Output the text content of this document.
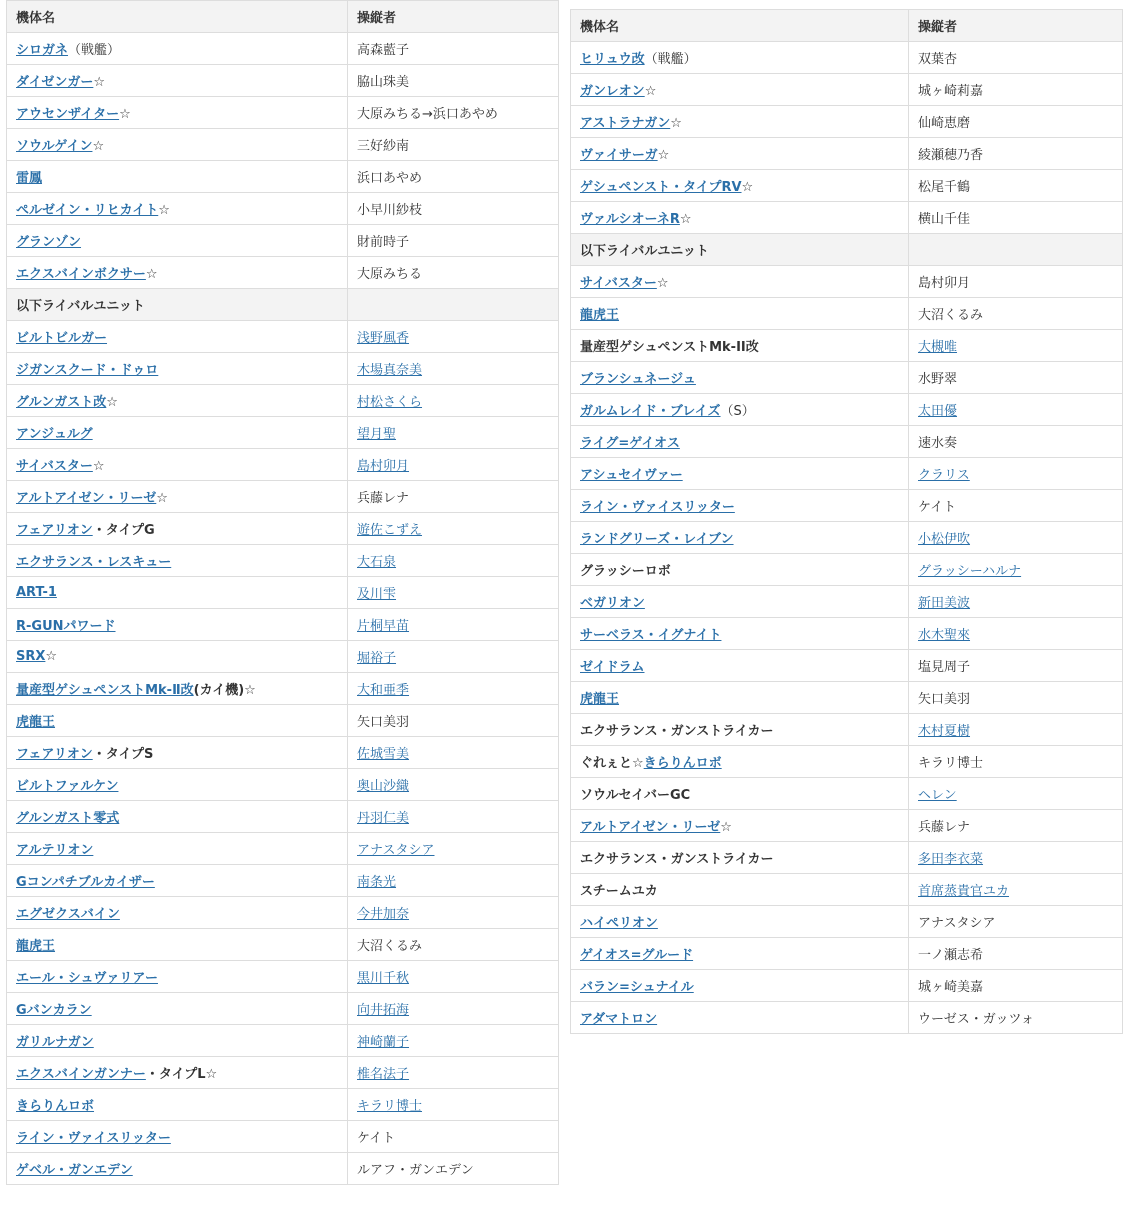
機体名	操縦者
シロガネ（戦艦）	高森藍子
ダイゼンガー☆	脇山珠美
アウセンザイター☆	大原みちる→浜口あやめ
ソウルゲイン☆	三好紗南
雷鳳	浜口あやめ
ペルゼイン・リヒカイト☆	小早川紗枝
グランゾン	財前時子
エクスバインボクサー☆	大原みちる
以下ライバルユニット	
ビルトビルガー	浅野風香
ジガンスクード・ドゥロ	木場真奈美
グルンガスト改☆	村松さくら
アンジュルグ	望月聖
サイバスター☆	島村卯月
アルトアイゼン・リーゼ☆	兵藤レナ
フェアリオン・タイプG	遊佐こずえ
エクサランス・レスキュー	大石泉
ART-1	及川雫
R-GUNパワード	片桐早苗
SRX☆	堀裕子
量産型ゲシュペンストMk-Ⅱ改(カイ機)☆	大和亜季
虎龍王	矢口美羽
フェアリオン・タイプS	佐城雪美
ビルトファルケン	奥山沙織
グルンガスト零式	丹羽仁美
アルテリオン	アナスタシア
Gコンパチブルカイザー	南条光
エグゼクスバイン	今井加奈
龍虎王	大沼くるみ
エール・シュヴァリアー	黒川千秋
Gバンカラン	向井拓海
ガリルナガン	神崎蘭子
エクスバインガンナー・タイプL☆	椎名法子
きらりんロボ	キラリ博士
ライン・ヴァイスリッター	ケイト
ゲベル・ガンエデン	ルアフ・ガンエデン
機体名	操縦者
ヒリュウ改（戦艦）	双葉杏
ガンレオン☆	城ヶ崎莉嘉
アストラナガン☆	仙崎恵磨
ヴァイサーガ☆	綾瀬穂乃香
ゲシュペンスト・タイプRV☆	松尾千鶴
ヴァルシオーネR☆	横山千佳
以下ライバルユニット	
サイバスター☆	島村卯月
龍虎王	大沼くるみ
量産型ゲシュペンストMk-II改	大槻唯
ブランシュネージュ	水野翠
ガルムレイド・ブレイズ（S）	太田優
ライグ=ゲイオス	速水奏
アシュセイヴァー	クラリス
ライン・ヴァイスリッター	ケイト
ランドグリーズ・レイブン	小松伊吹
グラッシーロボ	グラッシーハルナ
ベガリオン	新田美波
サーベラス・イグナイト	水木聖來
ゼイドラム	塩見周子
虎龍王	矢口美羽
エクサランス・ガンストライカー	木村夏樹
ぐれぇと☆きらりんロボ	キラリ博士
ソウルセイバーGC	ヘレン
アルトアイゼン・リーゼ☆	兵藤レナ
エクサランス・ガンストライカー	多田李衣菜
スチームユカ	首席蒸貴官ユカ
ハイペリオン	アナスタシア
ゲイオス=グルード	一ノ瀬志希
バラン=シュナイル	城ヶ崎美嘉
アダマトロン	ウーゼス・ガッツォ
